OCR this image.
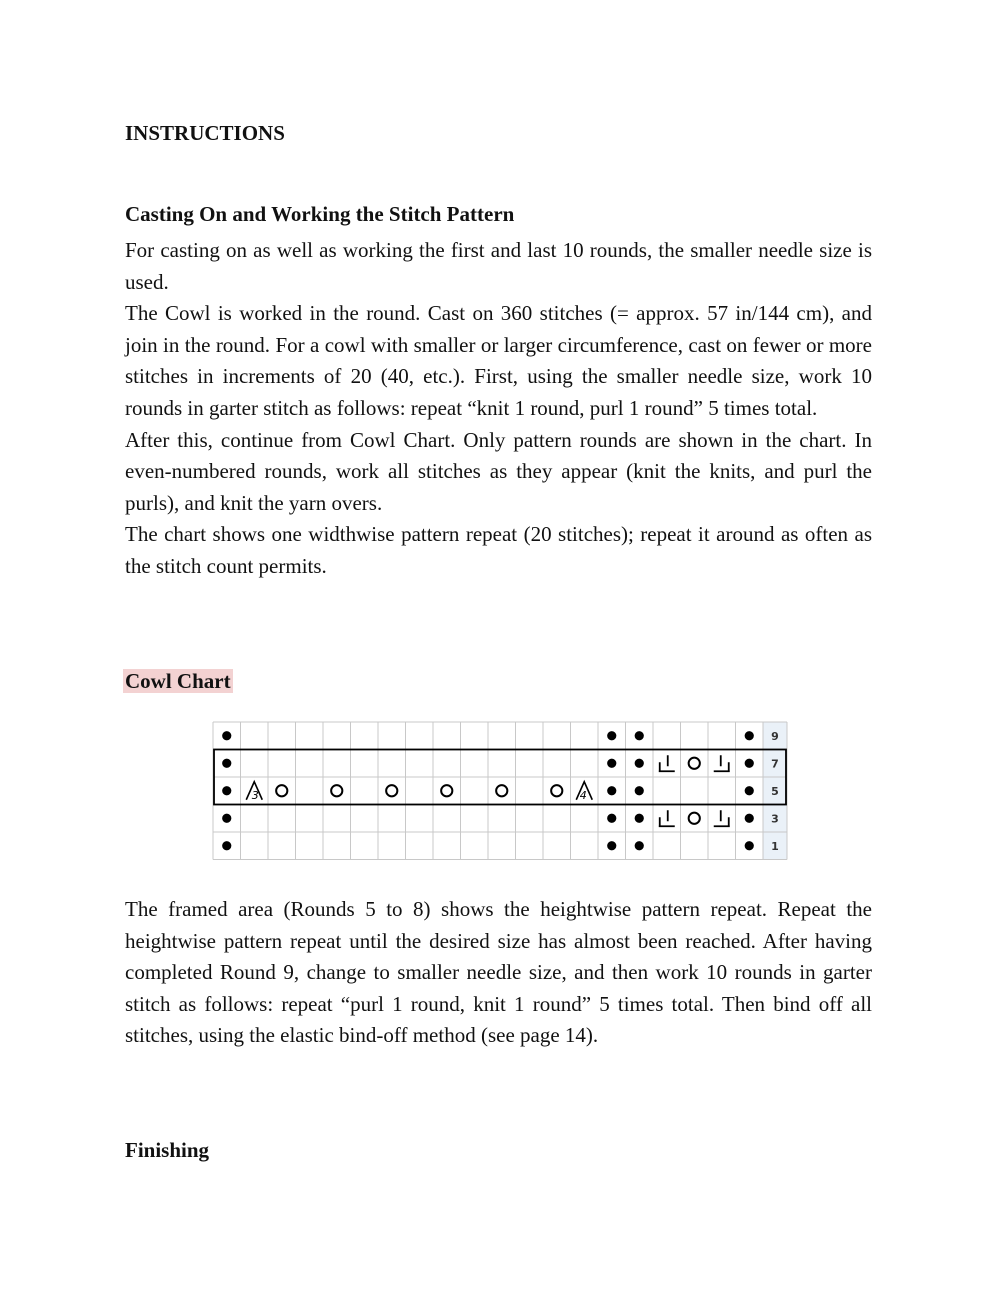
INSTRUCTIONS
Casting On and Working the Stitch Pattern

For casting on as well as working the first and last 10 rounds, the smaller needle size is used.

The Cowl is worked in the round. Cast on 360 stitches (= approx. 57 in/144 cm), and join in the round. For a cowl with smaller or larger circumference, cast on fewer or more stitches in increments of 20 (40, etc.). First, using the smaller needle size, work 10 rounds in garter stitch as follows: repeat “knit 1 round, purl 1 round” 5 times total.

After this, continue from Cowl Chart. Only pattern rounds are shown in the chart. In even-numbered rounds, work all stitches as they appear (knit the knits, and purl the purls), and knit the yarn overs.

The chart shows one widthwise pattern repeat (20 stitches); repeat it around as often as the stitch count permits.

Cowl Chart
3	4
9
7
5
3
1

The framed area (Rounds 5 to 8) shows the heightwise pattern repeat. Repeat the heightwise pattern repeat until the desired size has almost been reached. After having completed Round 9, change to smaller needle size, and then work 10 rounds in garter stitch as follows: repeat “purl 1 round, knit 1 round” 5 times total. Then bind off all stitches, using the elastic bind-off method (see page 14).

Finishing
